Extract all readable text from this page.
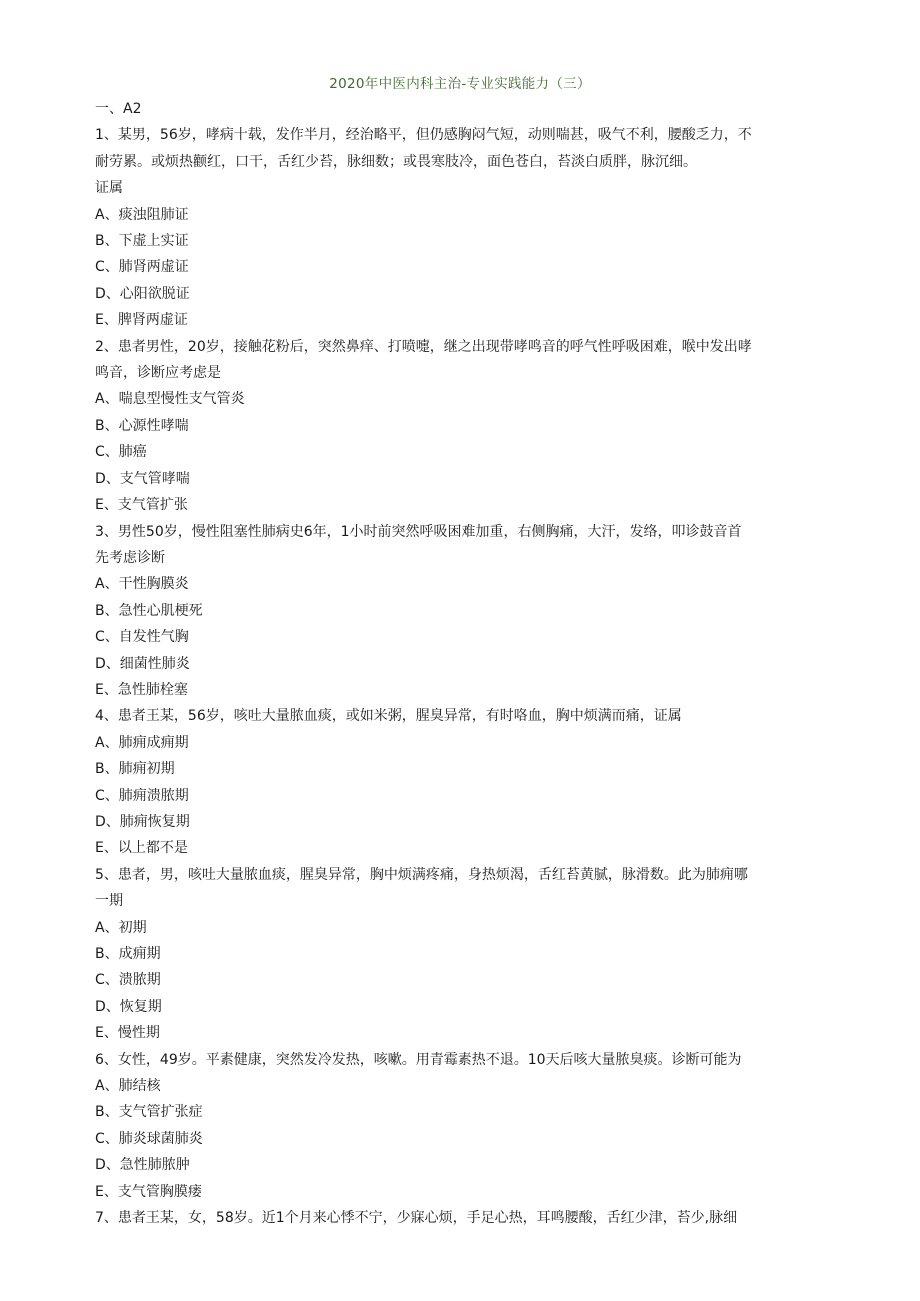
2020年中医内科主治-专业实践能力（三）
一、A2
1、某男，56岁，哮病十载，发作半月，经治略平，但仍感胸闷气短，动则喘甚，吸气不利，腰酸乏力，不
耐劳累。或烦热颧红，口干，舌红少苔，脉细数；或畏寒肢冷，面色苍白，苔淡白质胖，脉沉细。
证属
A、痰浊阻肺证
B、下虚上实证
C、肺肾两虚证
D、心阳欲脱证
E、脾肾两虚证
2、患者男性，20岁，接触花粉后，突然鼻痒、打喷嚏，继之出现带哮鸣音的呼气性呼吸困难，喉中发出哮
鸣音，诊断应考虑是
A、喘息型慢性支气管炎
B、心源性哮喘
C、肺癌
D、支气管哮喘
E、支气管扩张
3、男性50岁，慢性阻塞性肺病史6年，1小时前突然呼吸困难加重，右侧胸痛，大汗，发络，叩诊鼓音首
先考虑诊断
A、干性胸膜炎
B、急性心肌梗死
C、自发性气胸
D、细菌性肺炎
E、急性肺栓塞
4、患者王某，56岁，咳吐大量脓血痰，或如米粥，腥臭异常，有时咯血，胸中烦满而痛，证属
A、肺痈成痈期
B、肺痈初期
C、肺痈溃脓期
D、肺痈恢复期
E、以上都不是
5、患者，男，咳吐大量脓血痰，腥臭异常，胸中烦满疼痛，身热烦渴，舌红苔黄腻，脉滑数。此为肺痈哪
一期
A、初期
B、成痈期
C、溃脓期
D、恢复期
E、慢性期
6、女性，49岁。平素健康，突然发冷发热，咳嗽。用青霉素热不退。10天后咳大量脓臭痰。诊断可能为
A、肺结核
B、支气管扩张症
C、肺炎球菌肺炎
D、急性肺脓肿
E、支气管胸膜瘘
7、患者王某，女，58岁。近1个月来心悸不宁，少寐心烦，手足心热，耳鸣腰酸，舌红少津，苔少,脉细
